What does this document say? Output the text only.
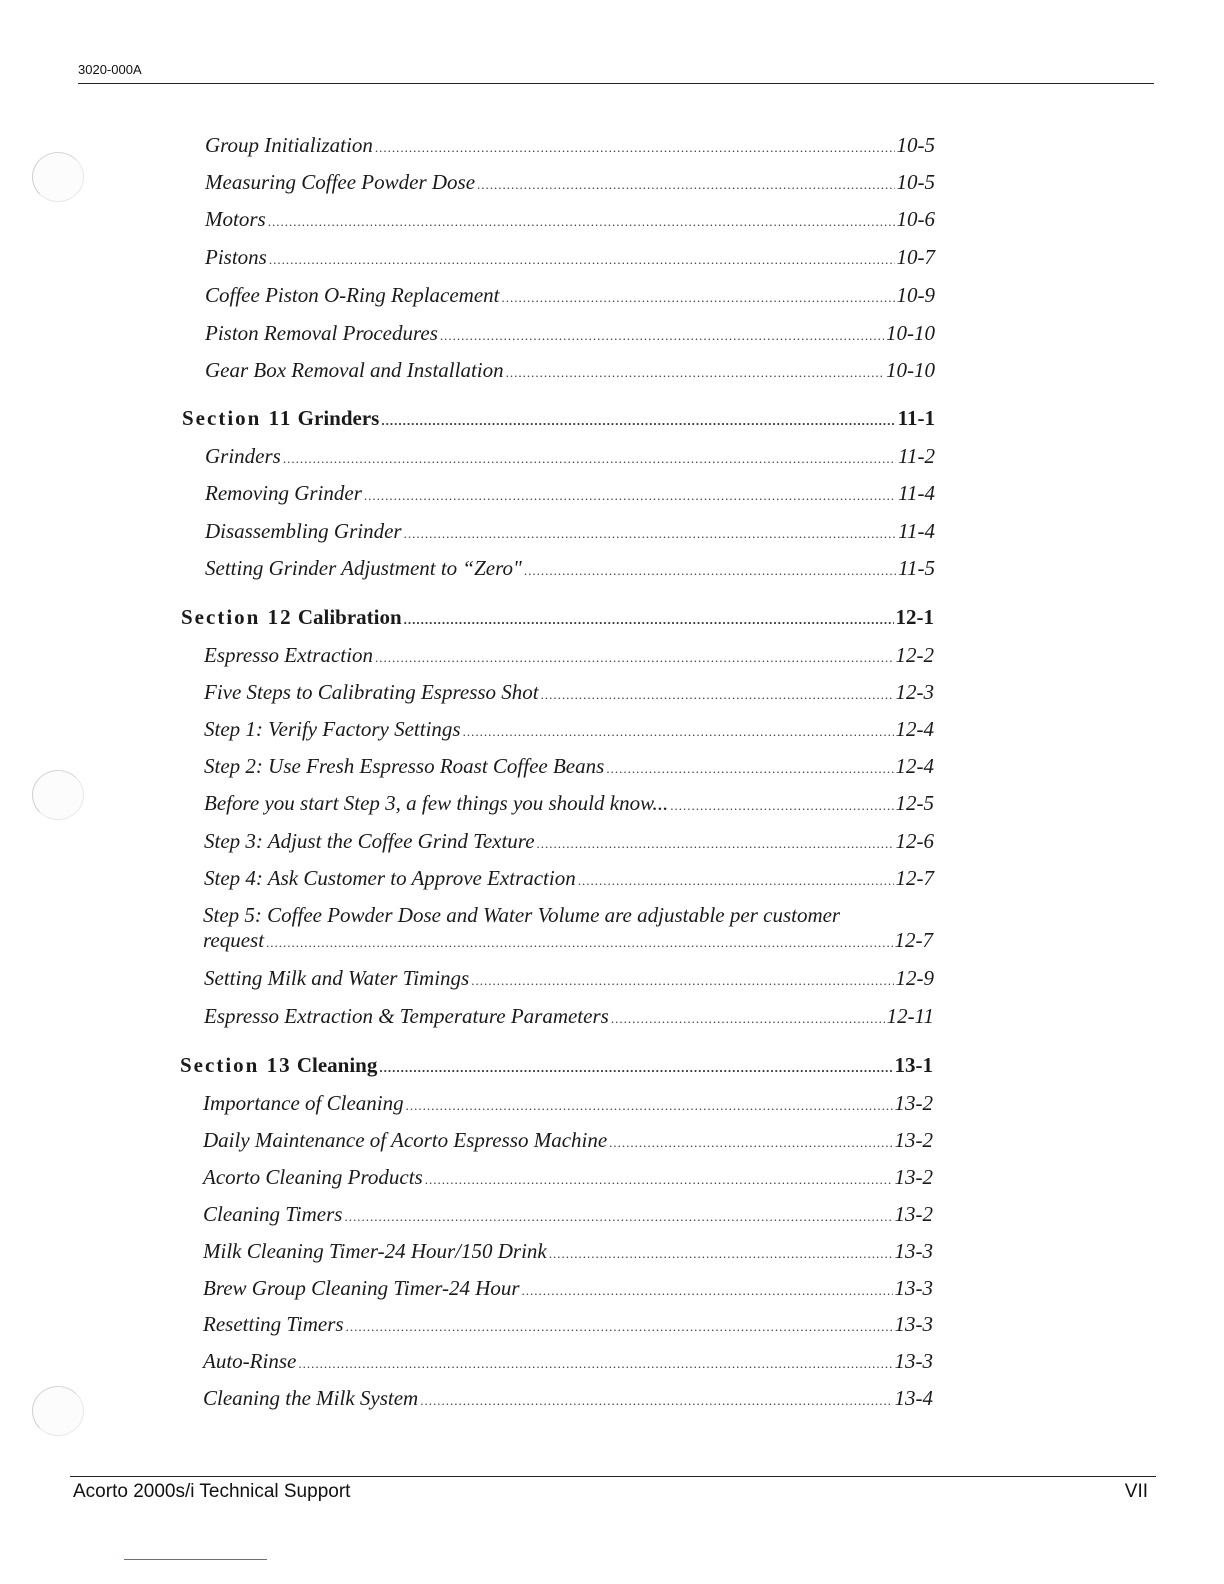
3020-000A
Group Initialization .....	10-5
Measuring Coffee Powder Dose .....	10-5
Motors .....	10-6
Pistons .....	10-7
Coffee Piston O-Ring Replacement .....	10-9
Piston Removal Procedures .....	10-10
Gear Box Removal and Installation .....	10-10
Section 11 Grinders .....	11-1
Grinders .....	11-2
Removing Grinder .....	11-4
Disassembling Grinder .....	11-4
Setting Grinder Adjustment to “Zero" .....	11-5
Section 12 Calibration .....	12-1
Espresso Extraction .....	12-2
Five Steps to Calibrating Espresso Shot .....	12-3
Step 1: Verify Factory Settings .....	12-4
Step 2: Use Fresh Espresso Roast Coffee Beans .....	12-4
Before you start Step 3, a few things you should know... .....	12-5
Step 3: Adjust the Coffee Grind Texture .....	12-6
Step 4: Ask Customer to Approve Extraction .....	12-7
Step 5: Coffee Powder Dose and Water Volume are adjustable per customer
request .....	12-7
Setting Milk and Water Timings .....	12-9
Espresso Extraction & Temperature Parameters .....	12-11
Section 13 Cleaning .....	13-1
Importance of Cleaning .....	13-2
Daily Maintenance of Acorto Espresso Machine .....	13-2
Acorto Cleaning Products .....	13-2
Cleaning Timers .....	13-2
Milk Cleaning Timer-24 Hour/150 Drink .....	13-3
Brew Group Cleaning Timer-24 Hour .....	13-3
Resetting Timers .....	13-3
Auto-Rinse .....	13-3
Cleaning the Milk System .....	13-4
Acorto 2000s/i Technical Support	VII
